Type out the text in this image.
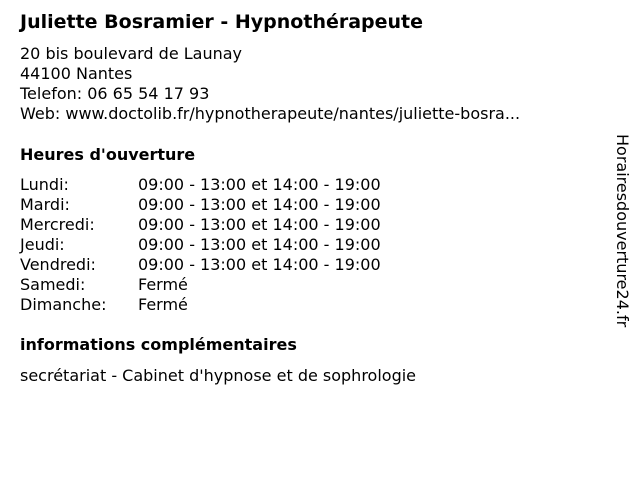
Juliette Bosramier - Hypnothérapeute
20 bis boulevard de Launay
44100 Nantes
Telefon: 06 65 54 17 93
Web: www.doctolib.fr/hypnotherapeute/nantes/juliette-bosra...
Heures d'ouverture
Lundi:	09:00 - 13:00 et 14:00 - 19:00
Mardi:	09:00 - 13:00 et 14:00 - 19:00
Mercredi:	09:00 - 13:00 et 14:00 - 19:00
Jeudi:	09:00 - 13:00 et 14:00 - 19:00
Vendredi:	09:00 - 13:00 et 14:00 - 19:00
Samedi:	Fermé
Dimanche:	Fermé
informations complémentaires
secrétariat - Cabinet d'hypnose et de sophrologie
Horairesdouverture24.fr
